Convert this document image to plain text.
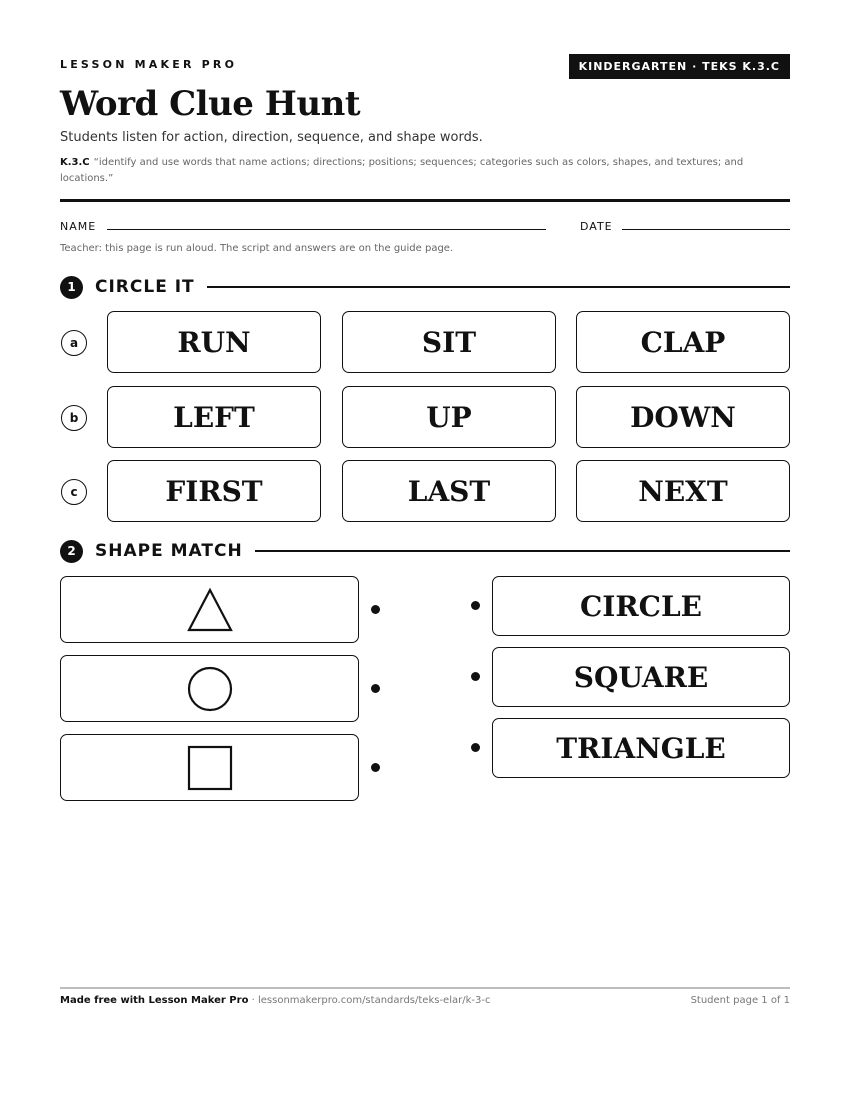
LESSON MAKER PRO	KINDERGARTEN · TEKS K.3.C
Word Clue Hunt
Students listen for action, direction, sequence, and shape words.
K.3.C “identify and use words that name actions; directions; positions; sequences; categories such as colors, shapes, and textures; and locations.”
NAME	DATE
Teacher: this page is run aloud. The script and answers are on the guide page.
1	CIRCLE IT
a	RUN	SIT	CLAP
b	LEFT	UP	DOWN
c	FIRST	LAST	NEXT
2	SHAPE MATCH
CIRCLE
SQUARE
TRIANGLE
Made free with Lesson Maker Pro · lessonmakerpro.com/standards/teks-elar/k-3-c	Student page 1 of 1
